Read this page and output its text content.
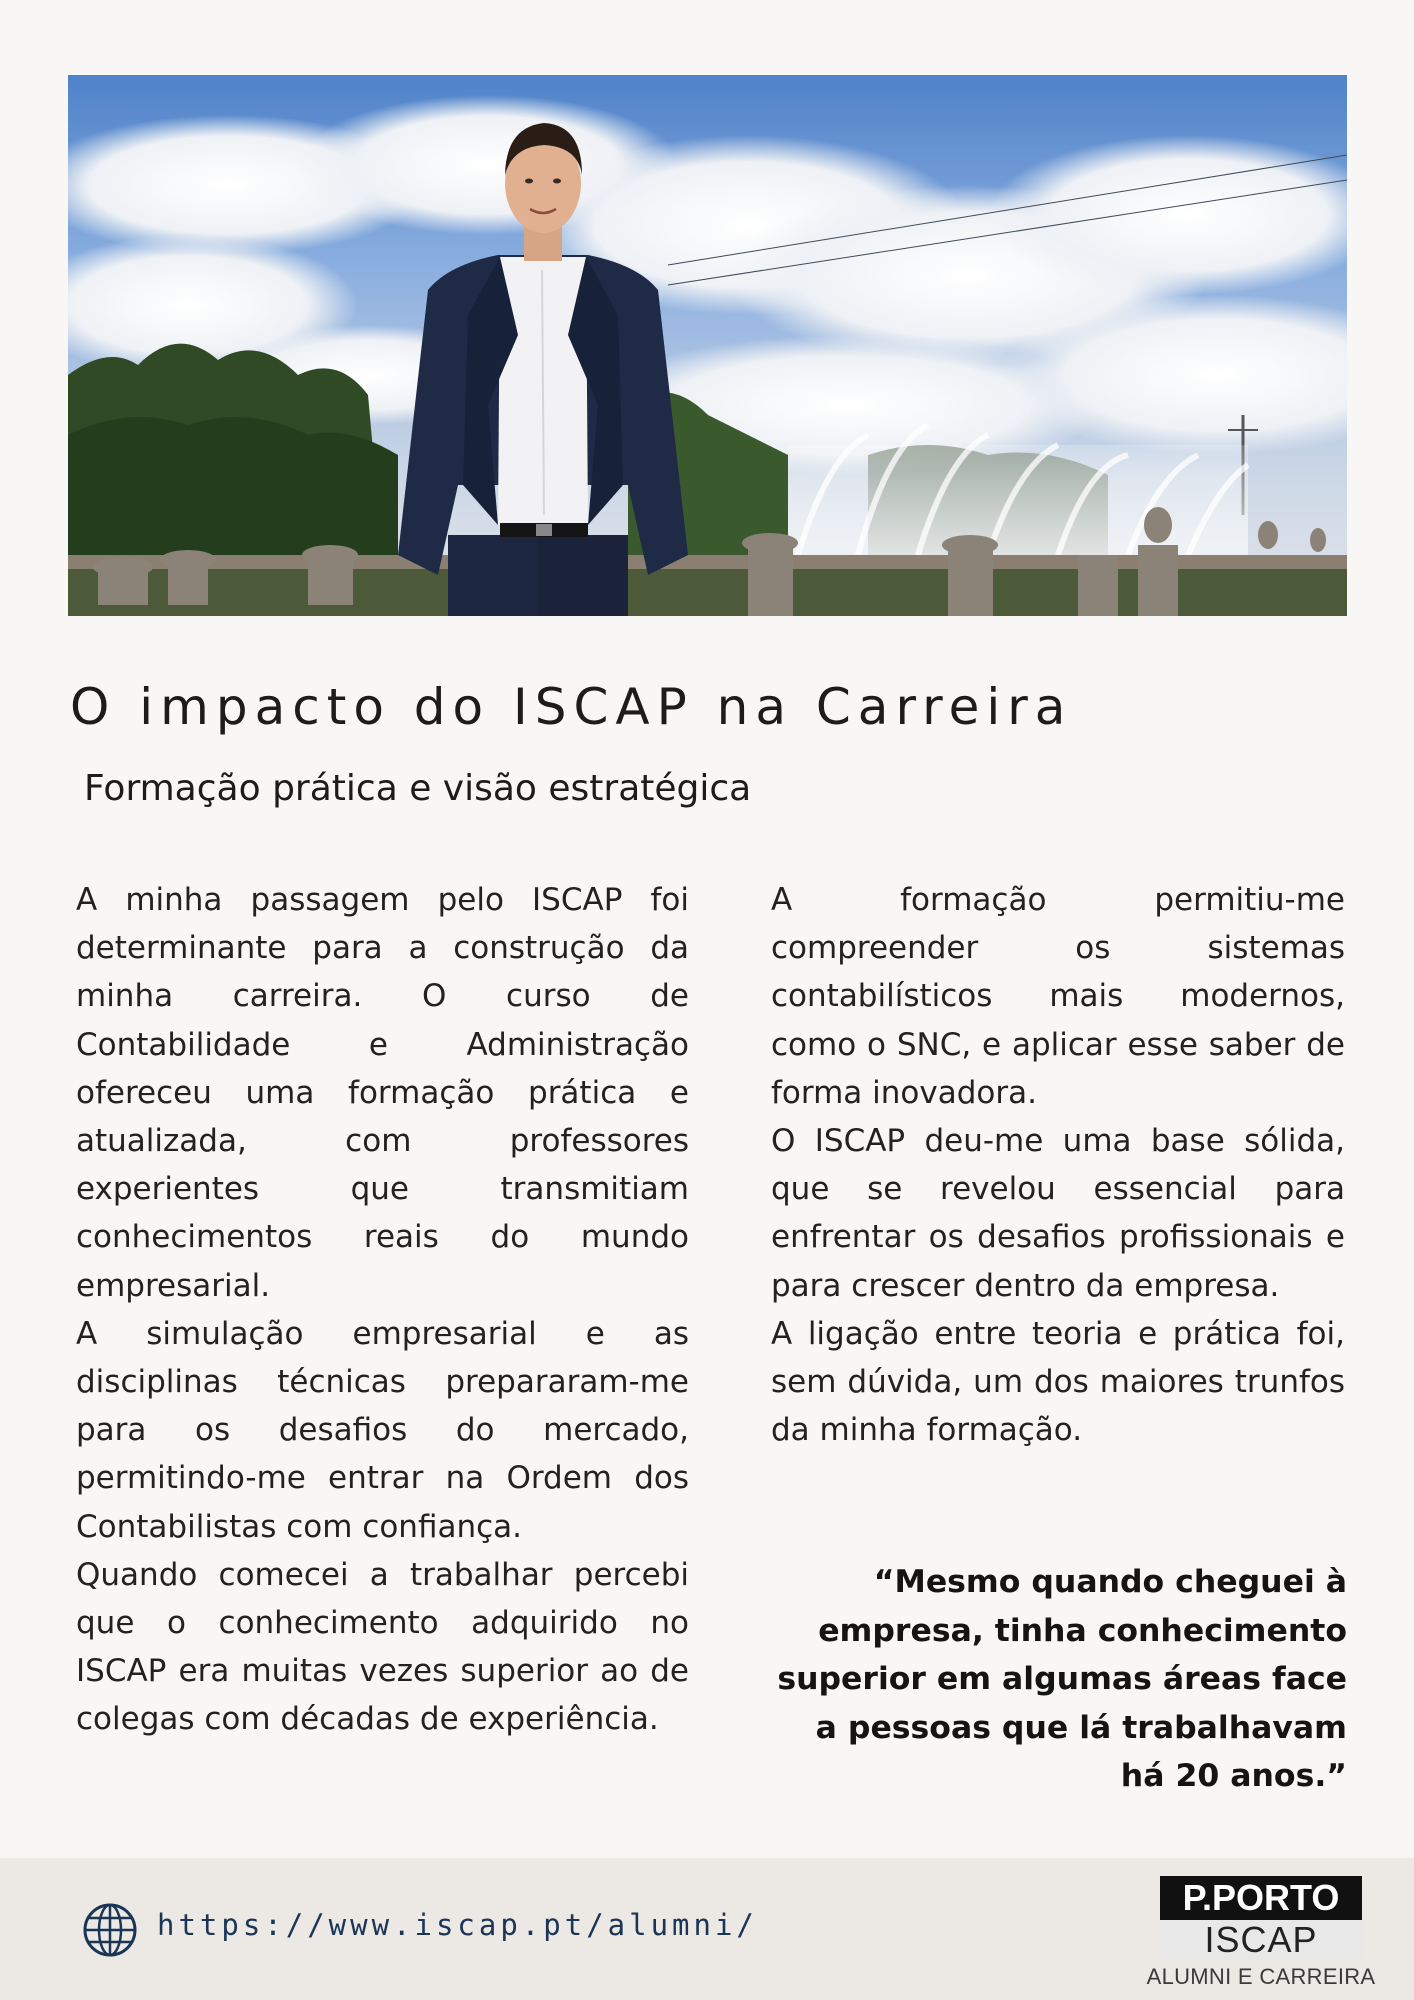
O impacto do ISCAP na Carreira
Formação prática e visão estratégica

A minha passagem pelo ISCAP foi determinante para a construção da minha carreira. O curso de Contabilidade e Administração ofereceu uma formação prática e atualizada, com professores experientes que transmitiam conhecimentos reais do mundo empresarial.

A simulação empresarial e as disciplinas técnicas prepararam-me para os desafios do mercado, permitindo-me entrar na Ordem dos Contabilistas com confiança.

Quando comecei a trabalhar percebi que o conhecimento adquirido no ISCAP era muitas vezes superior ao de colegas com décadas de experiência.

A formação permitiu-me compreender os sistemas contabilísticos mais modernos, como o SNC, e aplicar esse saber de forma inovadora.

O ISCAP deu-me uma base sólida, que se revelou essencial para enfrentar os desafios profissionais e para crescer dentro da empresa.

A ligação entre teoria e prática foi, sem dúvida, um dos maiores trunfos da minha formação.

“Mesmo quando cheguei à empresa, tinha conhecimento superior em algumas áreas face a pessoas que lá trabalhavam há 20 anos.”

https://www.iscap.pt/alumni/
P.PORTO
ISCAP
ALUMNI E CARREIRA
